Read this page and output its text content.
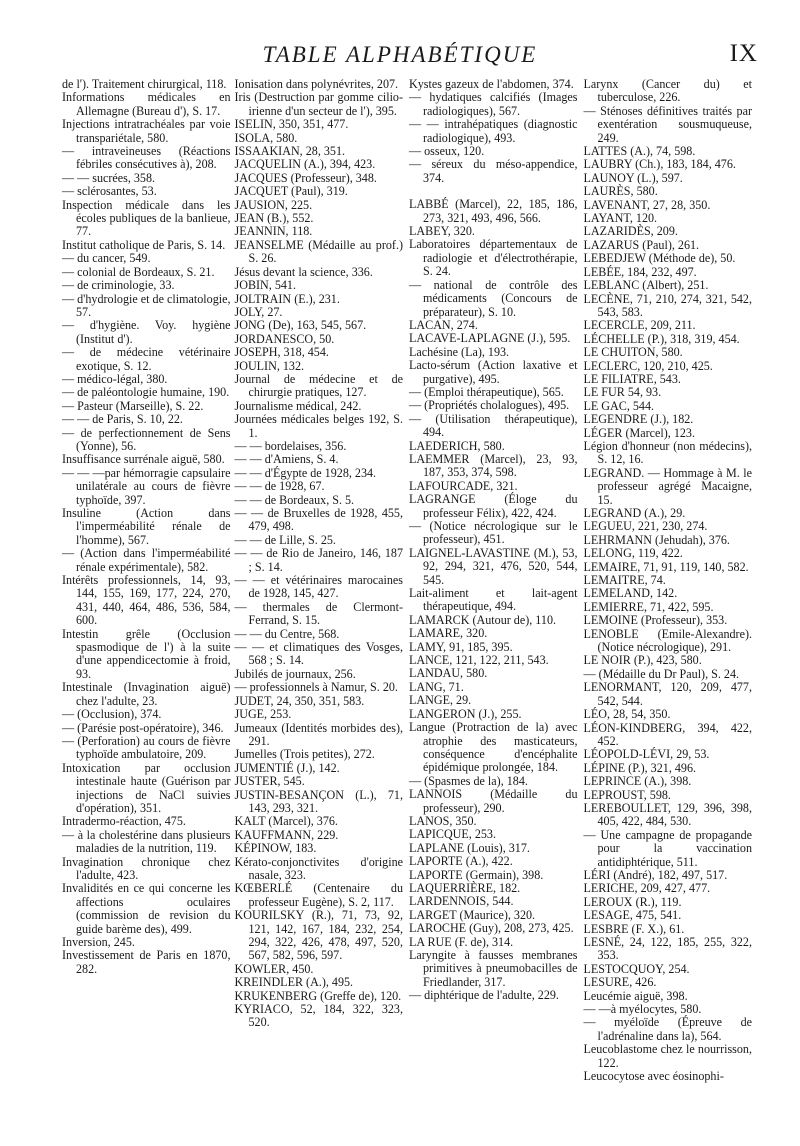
TABLE ALPHABÉTIQUE	IX

de l'). Traitement chirurgical, 118.

Informations médicales en Allemagne (Bureau d'), S. 17.

Injections intratrachéales par voie transpariétale, 580.

— intraveineuses (Réactions fébriles consécutives à), 208.

— — sucrées, 358.

— sclérosantes, 53.

Inspection médicale dans les écoles publiques de la banlieue, 77.

Institut catholique de Paris, S. 14.

— du cancer, 549.

— colonial de Bordeaux, S. 21.

— de criminologie, 33.

— d'hydrologie et de climatologie, 57.

— d'hygiène. Voy. hygiène (Institut d').

— de médecine vétérinaire exotique, S. 12.

— médico-légal, 380.

— de paléontologie humaine, 190.

— Pasteur (Marseille), S. 22.

— — de Paris, S. 10, 22.

— de perfectionnement de Sens (Yonne), 56.

Insuffisance surrénale aiguë, 580.

— — —par hémorragie capsulaire unilatérale au cours de fièvre typhoïde, 397.

Insuline (Action dans l'imperméabilité rénale de l'homme), 567.

— (Action dans l'imperméabilité rénale expérimentale), 582.

Intérêts professionnels, 14, 93, 144, 155, 169, 177, 224, 270, 431, 440, 464, 486, 536, 584, 600.

Intestin grêle (Occlusion spasmodique de l') à la suite d'une appendicectomie à froid, 93.

Intestinale (Invagination aiguë) chez l'adulte, 23.

— (Occlusion), 374.

— (Parésie post-opératoire), 346.

— (Perforation) au cours de fièvre typhoïde ambulatoire, 209.

Intoxication par occlusion intestinale haute (Guérison par injections de NaCl suivies d'opération), 351.

Intradermo-réaction, 475.

— à la cholestérine dans plusieurs maladies de la nutrition, 119.

Invagination chronique chez l'adulte, 423.

Invalidités en ce qui concerne les affections oculaires (commission de revision du guide barème des), 499.

Inversion, 245.

Investissement de Paris en 1870, 282.

Ionisation dans polynévrites, 207.

Iris (Destruction par gomme cilio-irienne d'un secteur de l'), 395.

ISELIN, 350, 351, 477.

ISOLA, 580.

ISSAAKIAN, 28, 351.

JACQUELIN (A.), 394, 423.

JACQUES (Professeur), 348.

JACQUET (Paul), 319.

JAUSION, 225.

JEAN (B.), 552.

JEANNIN, 118.

JEANSELME (Médaille au prof.) S. 26.

Jésus devant la science, 336.

JOBIN, 541.

JOLTRAIN (E.), 231.

JOLY, 27.

JONG (De), 163, 545, 567.

JORDANESCO, 50.

JOSEPH, 318, 454.

JOULIN, 132.

Journal de médecine et de chirurgie pratiques, 127.

Journalisme médical, 242.

Journées médicales belges 192, S. 1.

— — bordelaises, 356.

— — d'Amiens, S. 4.

— — d'Égypte de 1928, 234.

— — de 1928, 67.

— — de Bordeaux, S. 5.

— — de Bruxelles de 1928, 455, 479, 498.

— — de Lille, S. 25.

— — de Rio de Janeiro, 146, 187 ; S. 14.

— — et vétérinaires marocaines de 1928, 145, 427.

— thermales de Clermont-Ferrand, S. 15.

— — du Centre, 568.

— — et climatiques des Vosges, 568 ; S. 14.

Jubilés de journaux, 256.

— professionnels à Namur, S. 20.

JUDET, 24, 350, 351, 583.

JUGE, 253.

Jumeaux (Identités morbides des), 291.

Jumelles (Trois petites), 272.

JUMENTIÉ (J.), 142.

JUSTER, 545.

JUSTIN-BESANÇON (L.), 71, 143, 293, 321.

KALT (Marcel), 376.

KAUFFMANN, 229.

KÉPINOW, 183.

Kérato-conjonctivites d'origine nasale, 323.

KŒBERLÉ (Centenaire du professeur Eugène), S. 2, 117.

KOURILSKY (R.), 71, 73, 92, 121, 142, 167, 184, 232, 254, 294, 322, 426, 478, 497, 520, 567, 582, 596, 597.

KOWLER, 450.

KREINDLER (A.), 495.

KRUKENBERG (Greffe de), 120.

KYRIACO, 52, 184, 322, 323, 520.

Kystes gazeux de l'abdomen, 374.

— hydatiques calcifiés (Images radiologiques), 567.

— — intrahépatiques (diagnostic radiologique), 493.

— osseux, 120.

— séreux du méso-appendice, 374.

LABBÉ (Marcel), 22, 185, 186, 273, 321, 493, 496, 566.

LABEY, 320.

Laboratoires départementaux de radiologie et d'électrothérapie, S. 24.

— national de contrôle des médicaments (Concours de préparateur), S. 10.

LACAN, 274.

LACAVE-LAPLAGNE (J.), 595.

Lachésine (La), 193.

Lacto-sérum (Action laxative et purgative), 495.

— (Emploi thérapeutique), 565.

— (Propriétés cholalogues), 495.

— (Utilisation thérapeutique), 494.

LAEDERICH, 580.

LAEMMER (Marcel), 23, 93, 187, 353, 374, 598.

LAFOURCADE, 321.

LAGRANGE (Éloge du professeur Félix), 422, 424.

— (Notice nécrologique sur le professeur), 451.

LAIGNEL-LAVASTINE (M.), 53, 92, 294, 321, 476, 520, 544, 545.

Lait-aliment et lait-agent thérapeutique, 494.

LAMARCK (Autour de), 110.

LAMARE, 320.

LAMY, 91, 185, 395.

LANCE, 121, 122, 211, 543.

LANDAU, 580.

LANG, 71.

LANGE, 29.

LANGERON (J.), 255.

Langue (Protraction de la) avec atrophie des masticateurs, conséquence d'encéphalite épidémique prolongée, 184.

— (Spasmes de la), 184.

LANNOIS (Médaille du professeur), 290.

LANOS, 350.

LAPICQUE, 253.

LAPLANE (Louis), 317.

LAPORTE (A.), 422.

LAPORTE (Germain), 398.

LAQUERRIÈRE, 182.

LARDENNOIS, 544.

LARGET (Maurice), 320.

LAROCHE (Guy), 208, 273, 425.

LA RUE (F. de), 314.

Laryngite à fausses membranes primitives à pneumobacilles de Friedlander, 317.

— diphtérique de l'adulte, 229.

Larynx (Cancer du) et tuberculose, 226.

— Sténoses définitives traités par exentération sousmuqueuse, 249.

LATTES (A.), 74, 598.

LAUBRY (Ch.), 183, 184, 476.

LAUNOY (L.), 597.

LAURÈS, 580.

LAVENANT, 27, 28, 350.

LAYANT, 120.

LAZARIDÈS, 209.

LAZARUS (Paul), 261.

LEBEDJEW (Méthode de), 50.

LEBÉE, 184, 232, 497.

LEBLANC (Albert), 251.

LECÈNE, 71, 210, 274, 321, 542, 543, 583.

LECERCLE, 209, 211.

LÉCHELLE (P.), 318, 319, 454.

LE CHUITON, 580.

LECLERC, 120, 210, 425.

LE FILIATRE, 543.

LE FUR 54, 93.

LE GAC, 544.

LEGENDRE (J.), 182.

LÉGER (Marcel), 123.

Légion d'honneur (non médecins), S. 12, 16.

LEGRAND. — Hommage à M. le professeur agrégé Macaigne, 15.

LEGRAND (A.), 29.

LEGUEU, 221, 230, 274.

LEHRMANN (Jehudah), 376.

LELONG, 119, 422.

LEMAIRE, 71, 91, 119, 140, 582.

LEMAITRE, 74.

LEMELAND, 142.

LEMIERRE, 71, 422, 595.

LEMOINE (Professeur), 353.

LENOBLE (Emile-Alexandre). (Notice nécrologique), 291.

LE NOIR (P.), 423, 580.

— (Médaille du Dr Paul), S. 24.

LENORMANT, 120, 209, 477, 542, 544.

LÉO, 28, 54, 350.

LÉON-KINDBERG, 394, 422, 452.

LÉOPOLD-LÉVI, 29, 53.

LÉPINE (P.), 321, 496.

LEPRINCE (A.), 398.

LEPROUST, 598.

LEREBOULLET, 129, 396, 398, 405, 422, 484, 530.

— Une campagne de propagande pour la vaccination antidiphtérique, 511.

LÉRI (André), 182, 497, 517.

LERICHE, 209, 427, 477.

LEROUX (R.), 119.

LESAGE, 475, 541.

LESBRE (F. X.), 61.

LESNÉ, 24, 122, 185, 255, 322, 353.

LESTOCQUOY, 254.

LESURE, 426.

Leucémie aiguë, 398.

— —à myélocytes, 580.

— myéloïde (Épreuve de l'adrénaline dans la), 564.

Leucoblastome chez le nourrisson, 122.

Leucocytose avec éosinophi-
